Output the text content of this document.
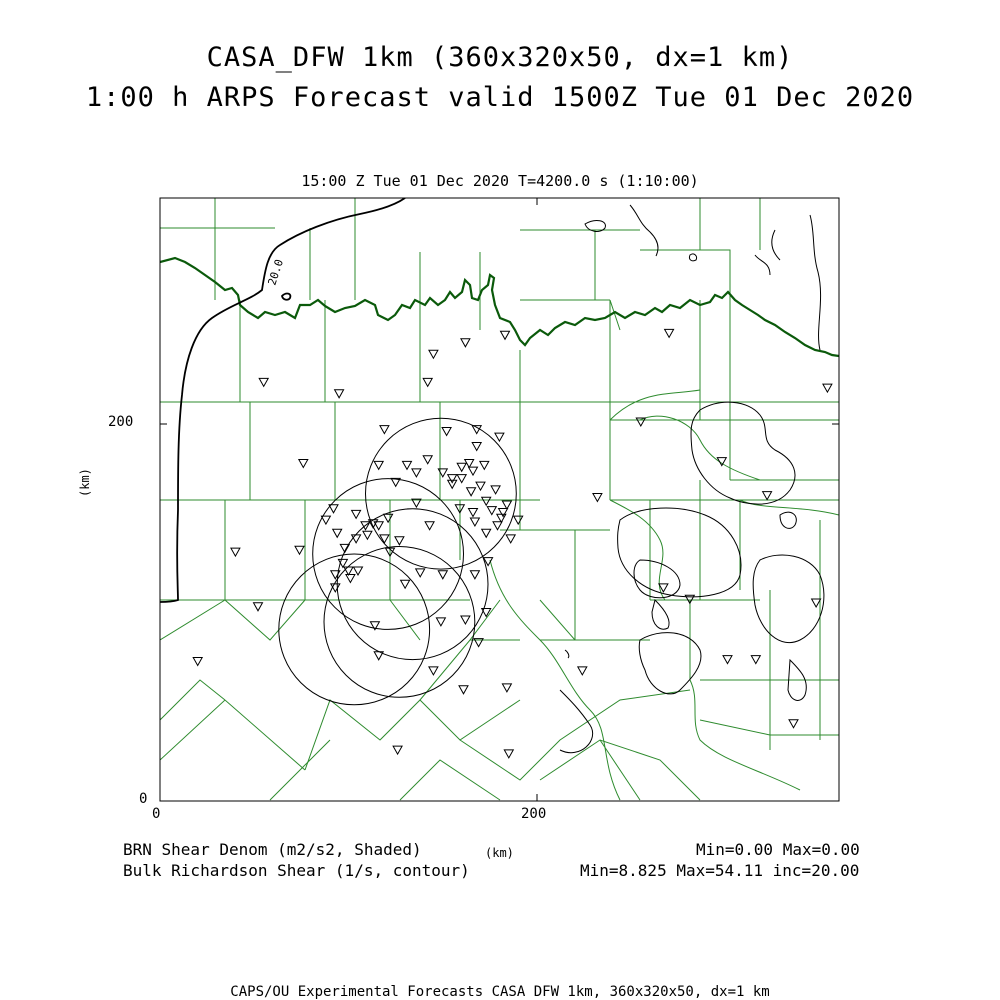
CASA_DFW 1km (360x320x50, dx=1 km)
1:00 h ARPS Forecast valid 1500Z Tue 01 Dec 2020
15:00 Z Tue 01 Dec 2020 T=4200.0 s (1:10:00)
20.0
200
0
0	200
(km)
(km)
BRN Shear Denom (m2/s2, Shaded)	Min=0.00 Max=0.00
Bulk Richardson Shear (1/s, contour)	Min=8.825 Max=54.11 inc=20.00
CAPS/OU Experimental Forecasts CASA DFW 1km, 360x320x50, dx=1 km
